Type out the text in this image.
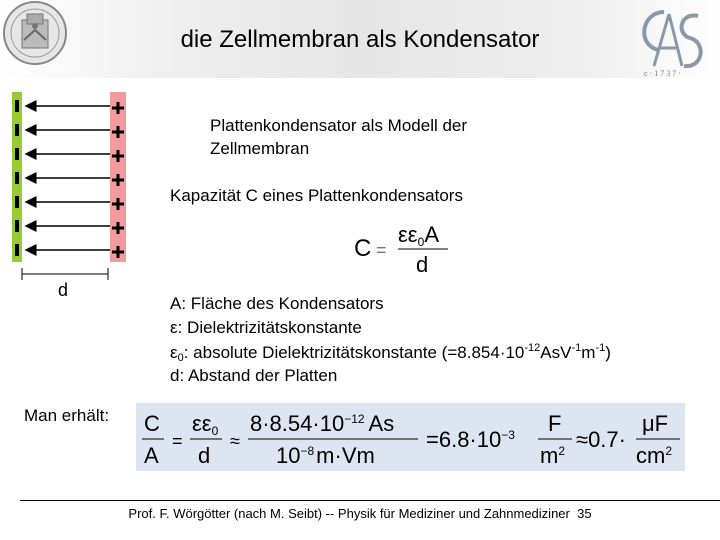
c · 1 7 3 7 ·
die Zellmembran als Kondensator
d
Plattenkondensator als Modell der
Zellmembran
Kapazität C eines Plattenkondensators
C =
εε0A
d
A: Fläche des Kondensators
ε: Dielektrizitätskonstante
$\varepsilon_0$: absolute Dielektrizitätskonstante $(=8.854\cdot 10^{-12}AsV^{-1}m^{-1})$
d: Abstand der Platten
Man erhält: C
A
=
εε0
d
≈
$8\cdot 8.54\cdot 10^{-12}$ As
$10^{-8}m\cdot Vm$
$=6.8\cdot 10^{-3}$ F
$m^2 \approx 0.7\cdot$
μF
$cm^2$
Prof. F. Wörgötter (nach M. Seibt) -- Physik für Mediziner und Zahnmediziner 35
